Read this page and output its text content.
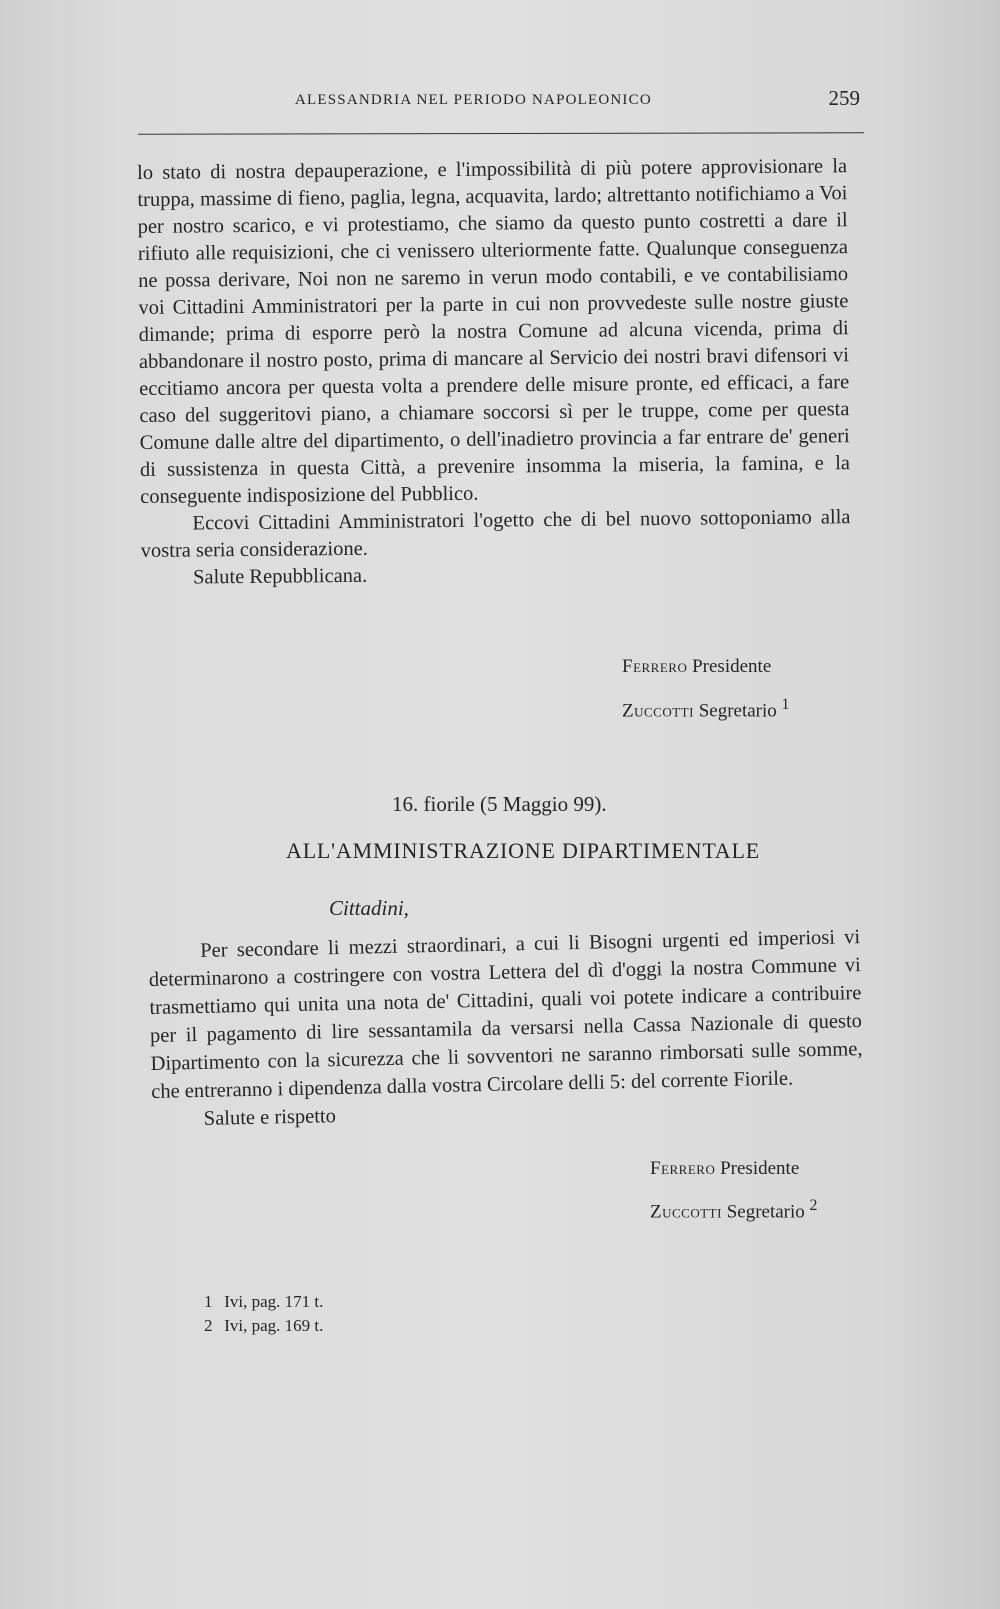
ALESSANDRIA NEL PERIODO NAPOLEONICO	259

lo stato di nostra depauperazione, e l'impossibilità di più potere approvisionare la truppa, massime di fieno, paglia, legna, acquavita, lardo; altrettanto notifichiamo a Voi per nostro scarico, e vi protestiamo, che siamo da questo punto costretti a dare il rifiuto alle requisizioni, che ci venissero ulteriormente fatte. Qualunque conseguenza ne possa derivare, Noi non ne saremo in verun modo contabili, e ve contabilisiamo voi Cittadini Amministratori per la parte in cui non provvedeste sulle nostre giuste dimande; prima di esporre però la nostra Comune ad alcuna vicenda, prima di abbandonare il nostro posto, prima di mancare al Servicio dei nostri bravi difensori vi eccitiamo ancora per questa volta a prendere delle misure pronte, ed efficaci, a fare caso del suggeritovi piano, a chiamare soccorsi sì per le truppe, come per questa Comune dalle altre del dipartimento, o dell'inadietro provincia a far entrare de' generi di sussistenza in questa Città, a prevenire insomma la miseria, la famina, e la conseguente indisposizione del Pubblico.

Eccovi Cittadini Amministratori l'ogetto che di bel nuovo sottoponiamo alla vostra seria considerazione.

Salute Repubblicana.

Ferrero Presidente
Zuccotti Segretario $^1$
16. fiorile (5 Maggio 99).
ALL'AMMINISTRAZIONE DIPARTIMENTALE
Cittadini,

Per secondare li mezzi straordinari, a cui li Bisogni urgenti ed imperiosi vi determinarono a costringere con vostra Lettera del dì d'oggi la nostra Commune vi trasmettiamo qui unita una nota de' Cittadini, quali voi potete indicare a contribuire per il pagamento di lire sessantamila da versarsi nella Cassa Nazionale di questo Dipartimento con la sicurezza che li sovventori ne saranno rimborsati sulle somme, che entreranno i dipendenza dalla vostra Circolare delli 5: del corrente Fiorile.

Salute e rispetto

Ferrero Presidente
Zuccotti Segretario $^2$
1 Ivi, pag. 171 t.
2 Ivi, pag. 169 t.
